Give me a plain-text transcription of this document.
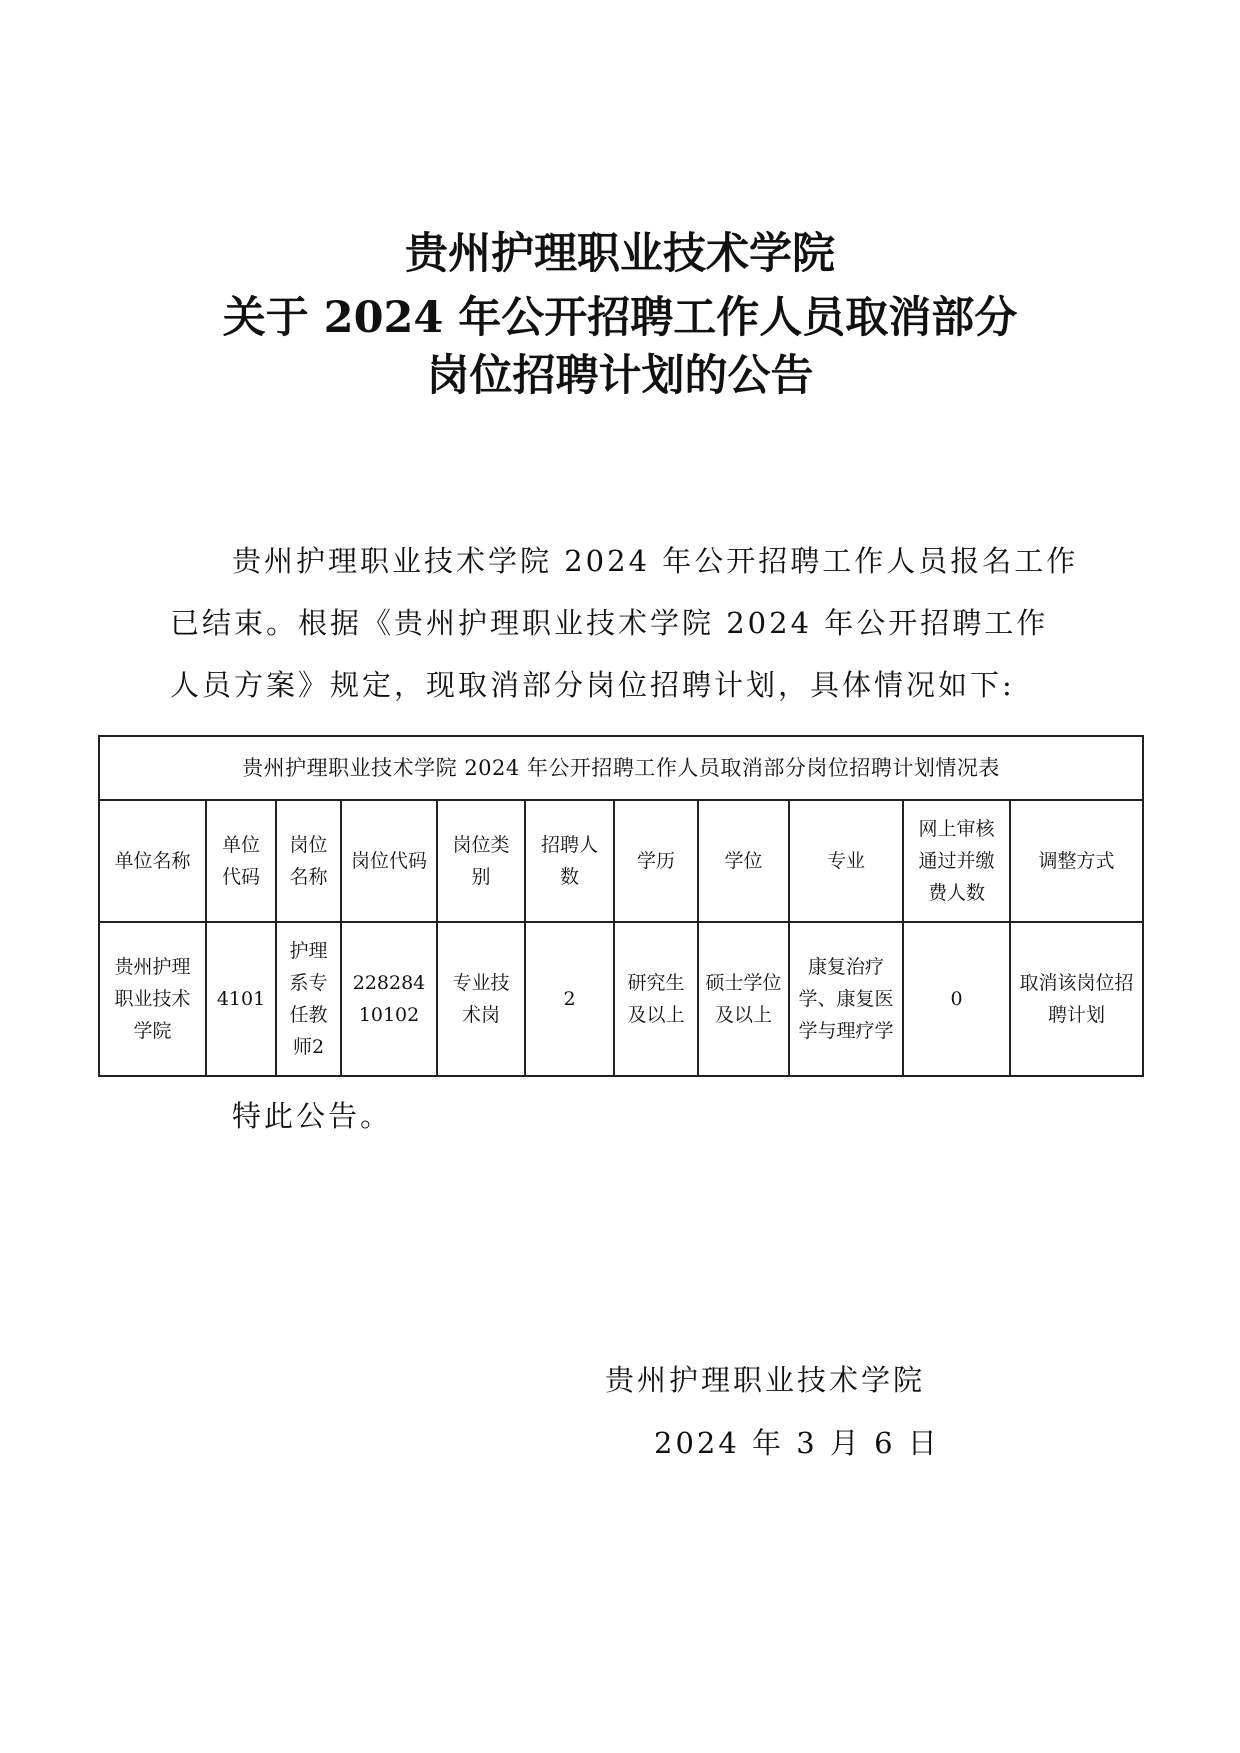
贵州护理职业技术学院
关于 2024 年公开招聘工作人员取消部分
岗位招聘计划的公告
贵州护理职业技术学院 2024 年公开招聘工作人员报名工作已结束。根据《贵州护理职业技术学院 2024 年公开招聘工作人员方案》规定，现取消部分岗位招聘计划，具体情况如下:
贵州护理职业技术学院 2024 年公开招聘工作人员取消部分岗位招聘计划情况表										
单位名称	单位代码	岗位名称	岗位代码	岗位类别	招聘人数	学历	学位	专业	网上审核通过并缴费人数	调整方式
贵州护理职业技术学院	4101	护理系专任教师2	22828410102	专业技术岗	2	研究生及以上	硕士学位及以上	康复治疗学、康复医学与理疗学	0	取消该岗位招聘计划
特此公告。
贵州护理职业技术学院
2024 年 3 月 6 日
